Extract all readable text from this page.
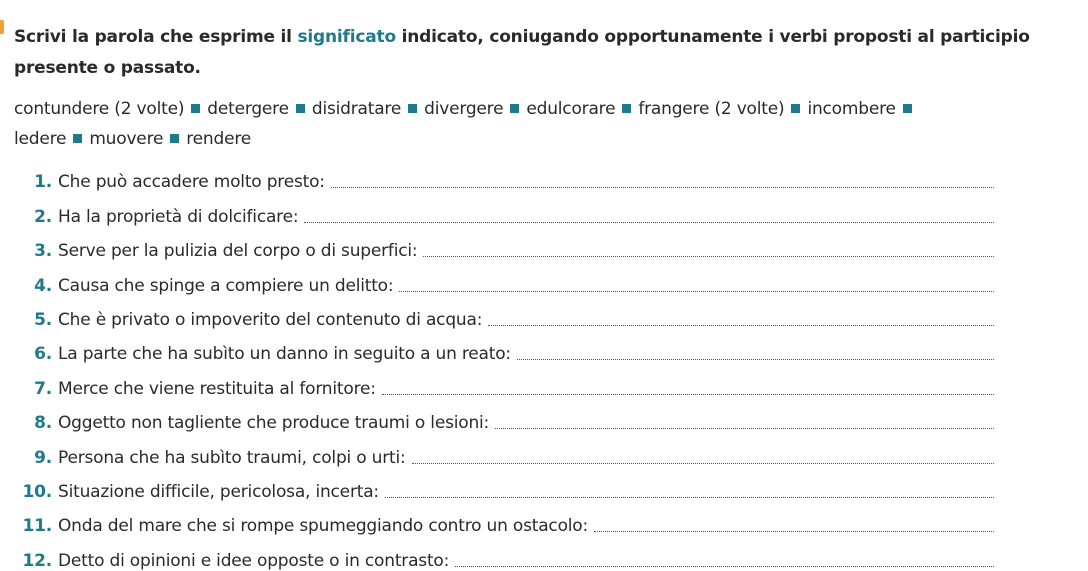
Scrivi la parola che esprime il significato indicato, coniugando opportunamente i verbi proposti al participio presente o passato.

contundere (2 volte) detergere disidratare divergere edulcorare frangere (2 volte) incombere
ledere muovere rendere
1. Che può accadere molto presto:
2. Ha la proprietà di dolcificare:
3. Serve per la pulizia del corpo o di superfici:
4. Causa che spinge a compiere un delitto:
5. Che è privato o impoverito del contenuto di acqua:
6. La parte che ha subìto un danno in seguito a un reato:
7. Merce che viene restituita al fornitore:
8. Oggetto non tagliente che produce traumi o lesioni:
9. Persona che ha subìto traumi, colpi o urti:
10. Situazione difficile, pericolosa, incerta:
11. Onda del mare che si rompe spumeggiando contro un ostacolo:
12. Detto di opinioni e idee opposte o in contrasto:
